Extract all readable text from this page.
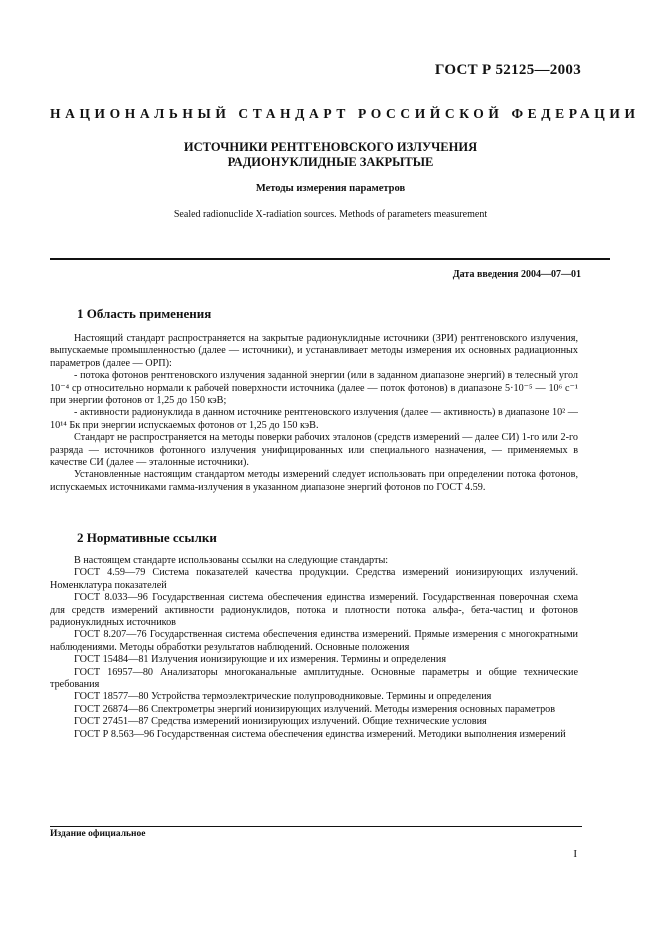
ГОСТ Р 52125—2003
НАЦИОНАЛЬНЫЙ СТАНДАРТ РОССИЙСКОЙ ФЕДЕРАЦИИ
ИСТОЧНИКИ РЕНТГЕНОВСКОГО ИЗЛУЧЕНИЯ
РАДИОНУКЛИДНЫЕ ЗАКРЫТЫЕ
Методы измерения параметров
Sealed radionuclide X-radiation sources. Methods of parameters measurement
Дата введения 2004—07—01
1 Область применения

Настоящий стандарт распространяется на закрытые радионуклидные источники (ЗРИ) рентгеновского излучения, выпускаемые промышленностью (далее — источники), и устанавливает методы измерения их основных радиационных параметров (далее — ОРП):

- потока фотонов рентгеновского излучения заданной энергии (или в заданном диапазоне энергий) в телесный угол 10⁻⁴ ср относительно нормали к рабочей поверхности источника (далее — поток фотонов) в диапазоне 5·10⁻⁵ — 10⁶ с⁻¹ при энергии фотонов от 1,25 до 150 кэВ;

- активности радионуклида в данном источнике рентгеновского излучения (далее — активность) в диапазоне 10² — 10¹⁴ Бк при энергии испускаемых фотонов от 1,25 до 150 кэВ.

Стандарт не распространяется на методы поверки рабочих эталонов (средств измерений — далее СИ) 1-го или 2-го разряда — источников фотонного излучения унифицированных или специального назначения, — применяемых в качестве СИ (далее — эталонные источники).

Установленные настоящим стандартом методы измерений следует использовать при определении потока фотонов, испускаемых источниками гамма-излучения в указанном диапазоне энергий фотонов по ГОСТ 4.59.

2 Нормативные ссылки

В настоящем стандарте использованы ссылки на следующие стандарты:

ГОСТ 4.59—79 Система показателей качества продукции. Средства измерений ионизирующих излучений. Номенклатура показателей

ГОСТ 8.033—96 Государственная система обеспечения единства измерений. Государственная поверочная схема для средств измерений активности радионуклидов, потока и плотности потока альфа-, бета-частиц и фотонов радионуклидных источников

ГОСТ 8.207—76 Государственная система обеспечения единства измерений. Прямые измерения с многократными наблюдениями. Методы обработки результатов наблюдений. Основные положения

ГОСТ 15484—81 Излучения ионизирующие и их измерения. Термины и определения

ГОСТ 16957—80 Анализаторы многоканальные амплитудные. Основные параметры и общие технические требования

ГОСТ 18577—80 Устройства термоэлектрические полупроводниковые. Термины и определения

ГОСТ 26874—86 Спектрометры энергий ионизирующих излучений. Методы измерения основных параметров

ГОСТ 27451—87 Средства измерений ионизирующих излучений. Общие технические условия

ГОСТ Р 8.563—96 Государственная система обеспечения единства измерений. Методики выполнения измерений

Издание официальное
I
